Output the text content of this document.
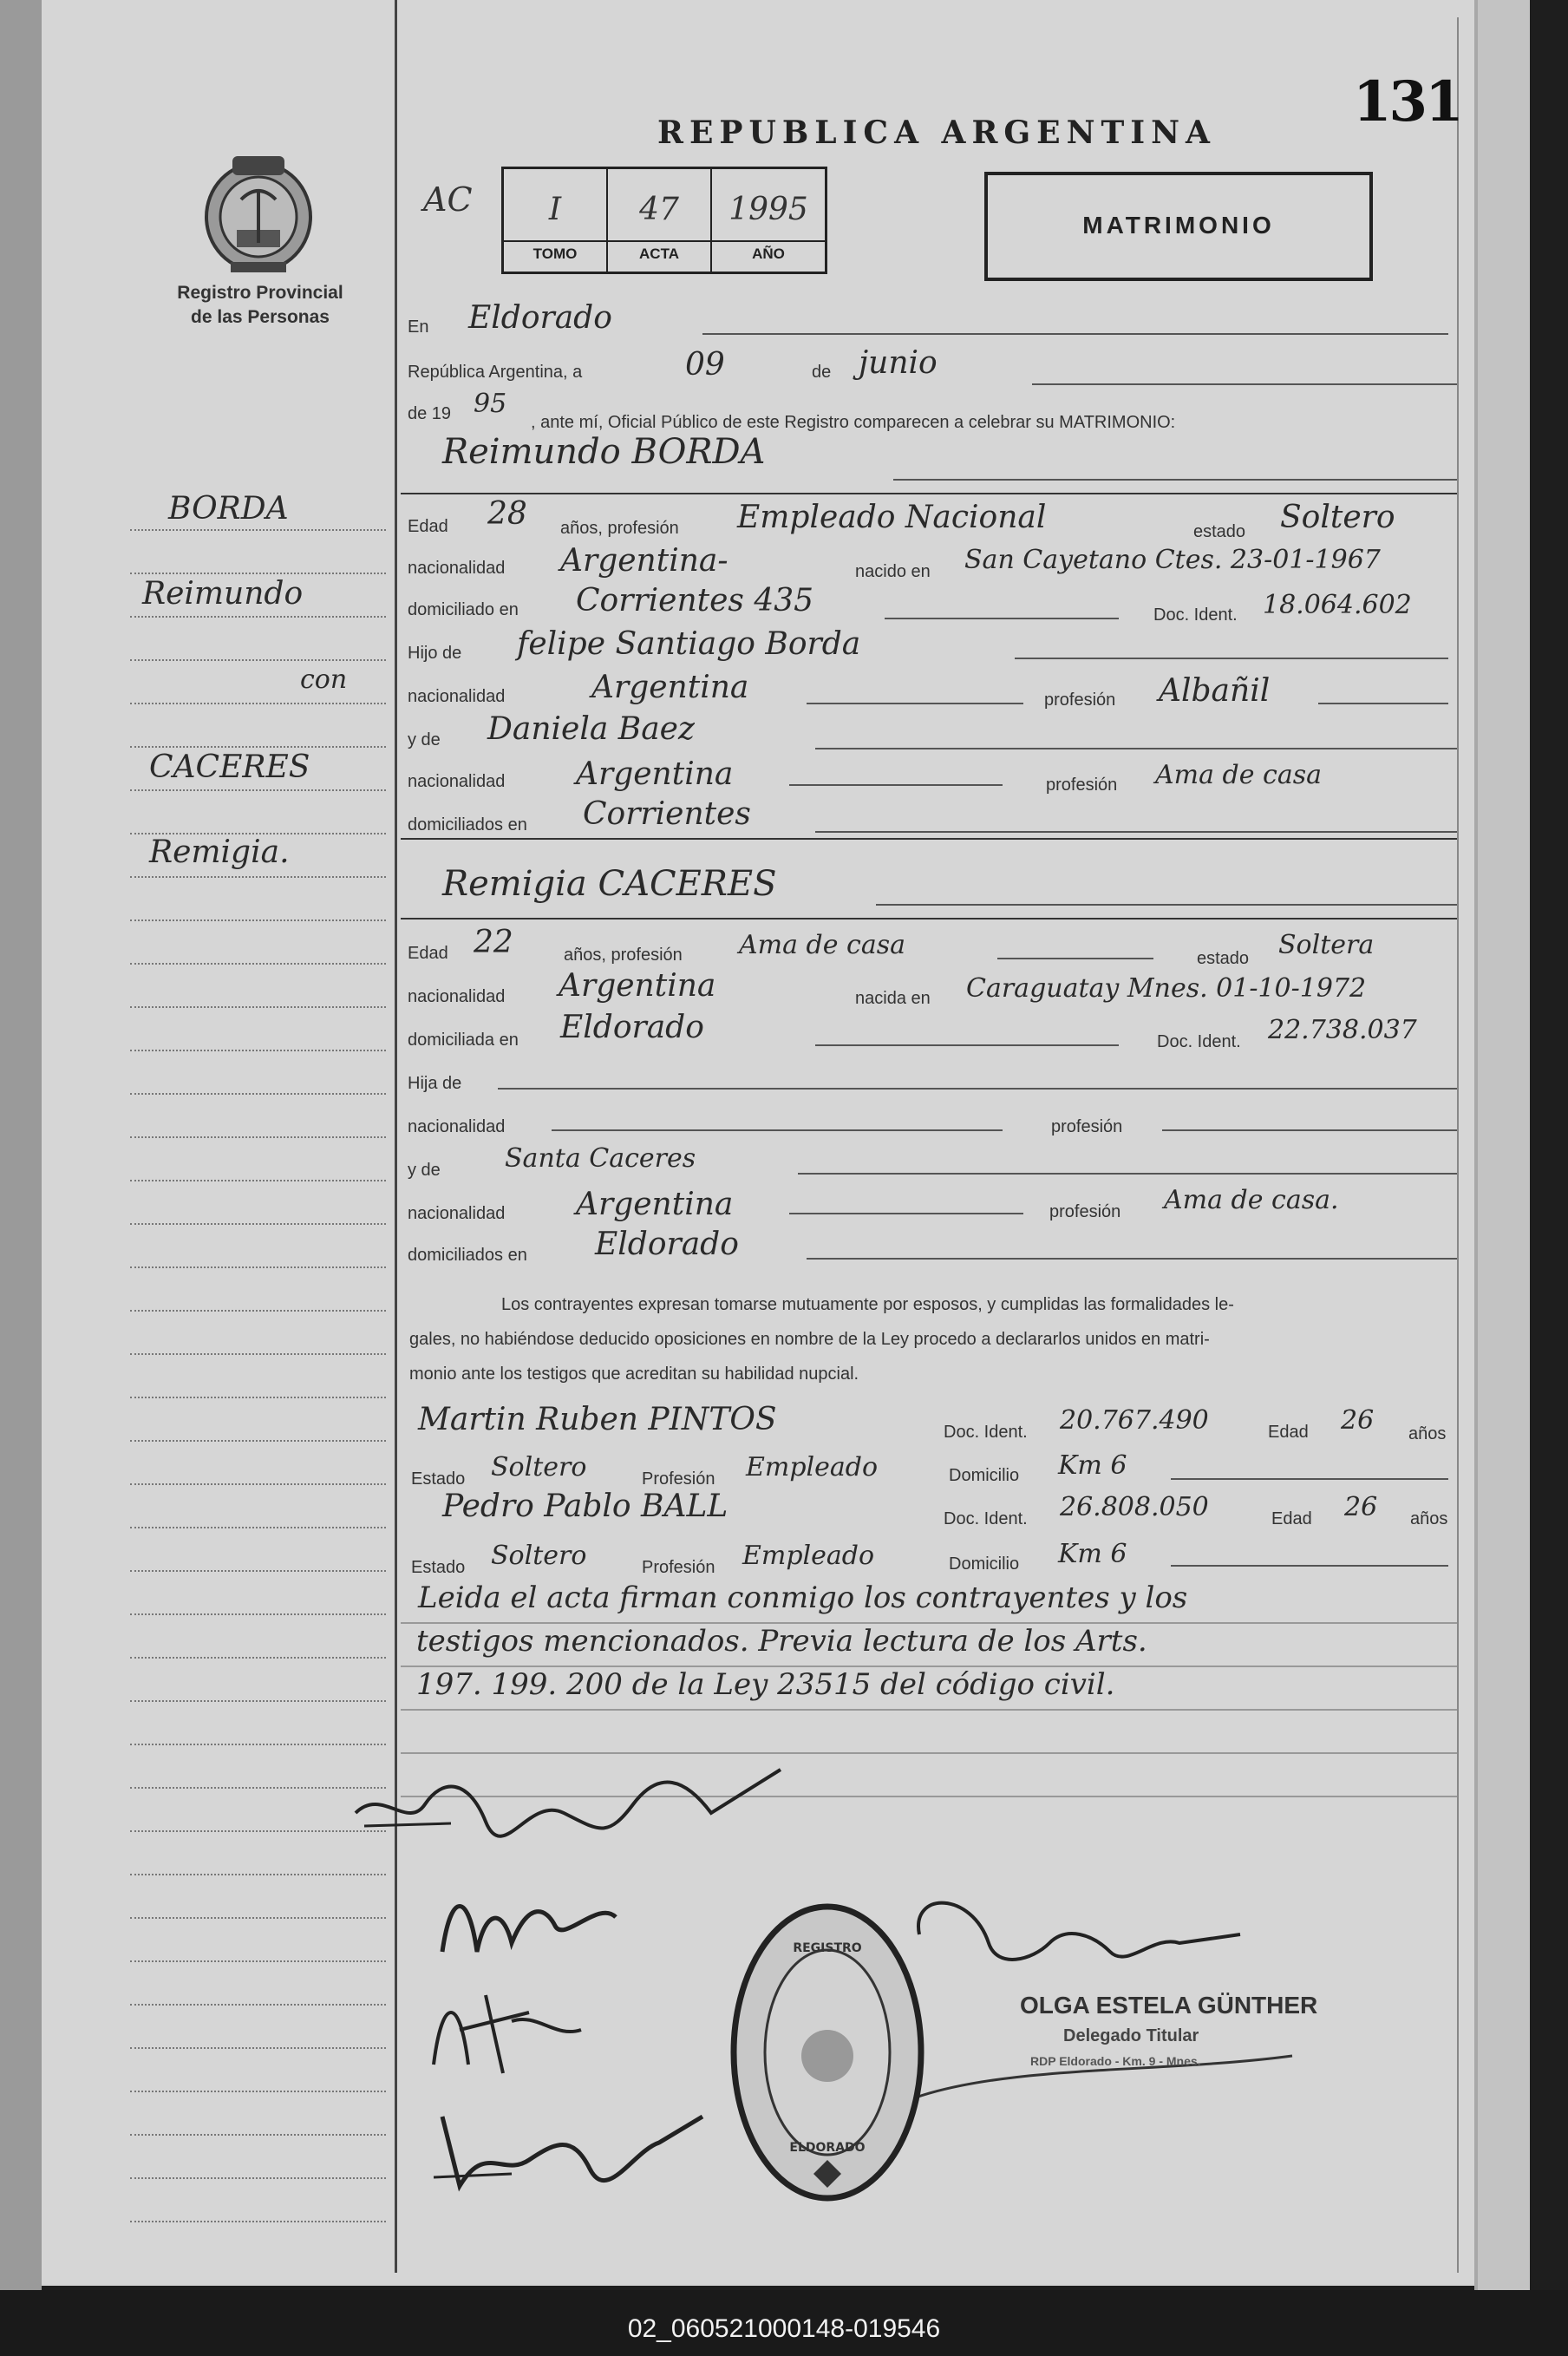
131
REPUBLICA ARGENTINA
Registro Provincial
de las Personas
AC	I
TOMO
47
ACTA
1995
AÑO
MATRIMONIO
BORDA
Reimundo
con
CACERES
Remigia.
En Eldorado
República Argentina, a	09	de junio
de 19 95
, ante mí, Oficial Público de este Registro comparecen a celebrar su MATRIMONIO:
Reimundo BORDA
Edad 28 años, profesión Empleado Nacional	estado Soltero
nacionalidad Argentina-	nacido en San Cayetano Ctes. 23-01-1967
domiciliado en Corrientes 435	Doc. Ident. 18.064.602
Hijo de felipe Santiago Borda
nacionalidad	Argentina	profesión Albañil
y de Daniela Baez
nacionalidad Argentina	profesión Ama de casa
domiciliados en Corrientes
Remigia CACERES
Edad 22	años, profesión Ama de casa	estado Soltera
nacionalidad Argentina	nacida en Caraguatay Mnes. 01-10-1972
domiciliada en Eldorado	Doc. Ident. 22.738.037
Hija de
nacionalidad	profesión
y de Santa Caceres
nacionalidad Argentina	profesión Ama de casa.
domiciliados en Eldorado
Los contrayentes expresan tomarse mutuamente por esposos, y cumplidas las formalidades le-
gales, no habiéndose deducido oposiciones en nombre de la Ley procedo a declararlos unidos en matri-
monio ante los testigos que acreditan su habilidad nupcial.
Martin Ruben PINTOS	Doc. Ident. 20.767.490	Edad 26 años
Estado Soltero	Profesión Empleado	Domicilio Km 6
Pedro Pablo BALL	Doc. Ident. 26.808.050	Edad 26 años
Estado Soltero	Profesión Empleado	Domicilio Km 6
Leida el acta firman conmigo los contrayentes y los
testigos mencionados. Previa lectura de los Arts.
197. 199. 200 de la Ley 23515 del código civil.
REGISTRO
ELDORADO
OLGA ESTELA GÜNTHER
Delegado Titular
RDP Eldorado - Km. 9 - Mnes.
02_060521000148-019546
